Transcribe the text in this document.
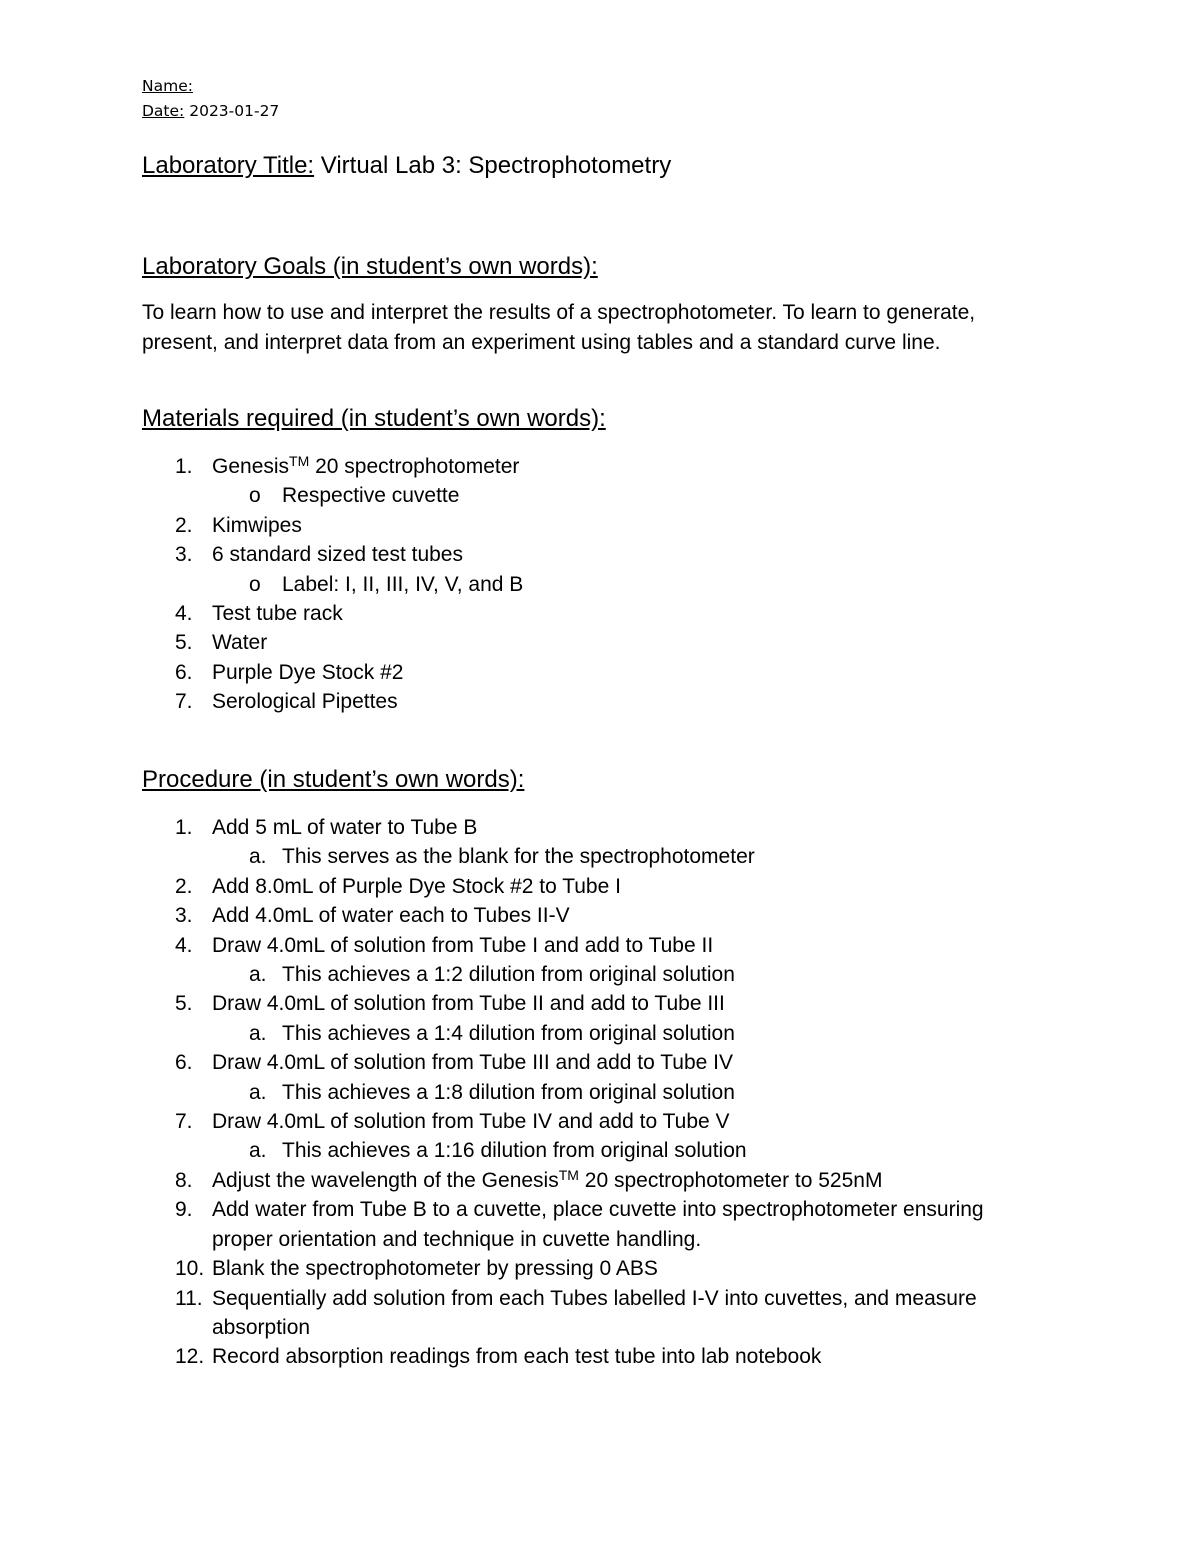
Name:
Date: 2023-01-27
Laboratory Title: Virtual Lab 3: Spectrophotometry
Laboratory Goals (in student’s own words):

To learn how to use and interpret the results of a spectrophotometer. To learn to generate, present, and interpret data from an experiment using tables and a standard curve line.

Materials required (in student’s own words):
1. Genesis™ 20 spectrophotometer
o Respective cuvette
2. Kimwipes
3. 6 standard sized test tubes
o Label: I, II, III, IV, V, and B
4. Test tube rack
5. Water
6. Purple Dye Stock #2
7. Serological Pipettes
Procedure (in student’s own words):
1. Add 5 mL of water to Tube B
a. This serves as the blank for the spectrophotometer
2. Add 8.0mL of Purple Dye Stock #2 to Tube I
3. Add 4.0mL of water each to Tubes II-V
4. Draw 4.0mL of solution from Tube I and add to Tube II
a. This achieves a 1:2 dilution from original solution
5. Draw 4.0mL of solution from Tube II and add to Tube III
a. This achieves a 1:4 dilution from original solution
6. Draw 4.0mL of solution from Tube III and add to Tube IV
a. This achieves a 1:8 dilution from original solution
7. Draw 4.0mL of solution from Tube IV and add to Tube V
a. This achieves a 1:16 dilution from original solution
8. Adjust the wavelength of the Genesis™ 20 spectrophotometer to 525nM
9. Add water from Tube B to a cuvette, place cuvette into spectrophotometer ensuring proper orientation and technique in cuvette handling.
10. Blank the spectrophotometer by pressing 0 ABS
11. Sequentially add solution from each Tubes labelled I-V into cuvettes, and measure absorption
12. Record absorption readings from each test tube into lab notebook
